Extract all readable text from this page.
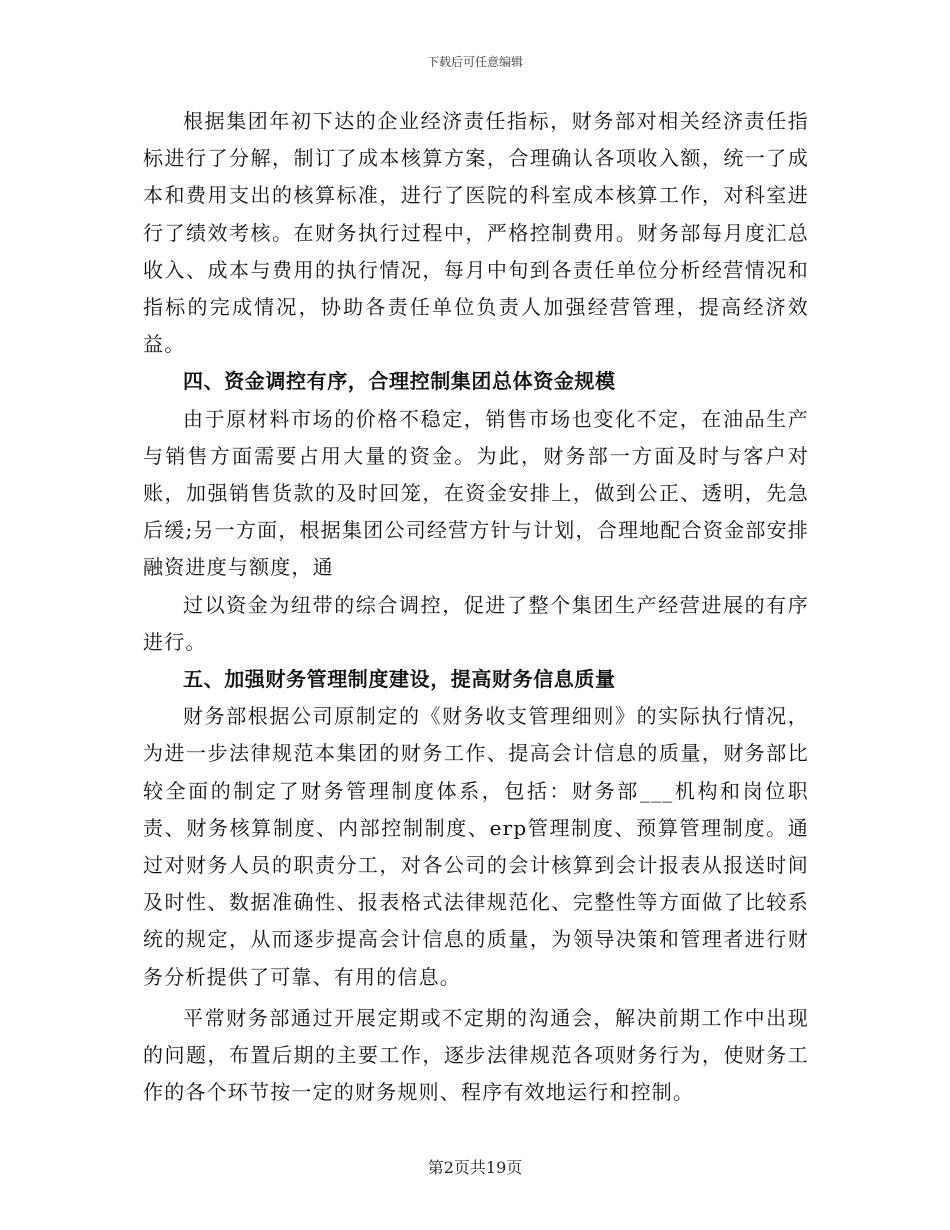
下载后可任意编辑

根据集团年初下达的企业经济责任指标，财务部对相关经济责任指标进行了分解，制订了成本核算方案，合理确认各项收入额，统一了成本和费用支出的核算标准，进行了医院的科室成本核算工作，对科室进行了绩效考核。在财务执行过程中，严格控制费用。财务部每月度汇总收入、成本与费用的执行情况，每月中旬到各责任单位分析经营情况和指标的完成情况，协助各责任单位负责人加强经营管理，提高经济效益。

四、资金调控有序，合理控制集团总体资金规模

由于原材料市场的价格不稳定，销售市场也变化不定，在油品生产与销售方面需要占用大量的资金。为此，财务部一方面及时与客户对账，加强销售货款的及时回笼，在资金安排上，做到公正、透明，先急后缓;另一方面，根据集团公司经营方针与计划，合理地配合资金部安排融资进度与额度，通

过以资金为纽带的综合调控，促进了整个集团生产经营进展的有序进行。

五、加强财务管理制度建设，提高财务信息质量

财务部根据公司原制定的《财务收支管理细则》的实际执行情况，为进一步法律规范本集团的财务工作、提高会计信息的质量，财务部比较全面的制定了财务管理制度体系，包括：财务部___机构和岗位职责、财务核算制度、内部控制制度、erp管理制度、预算管理制度。通过对财务人员的职责分工，对各公司的会计核算到会计报表从报送时间及时性、数据准确性、报表格式法律规范化、完整性等方面做了比较系统的规定，从而逐步提高会计信息的质量，为领导决策和管理者进行财务分析提供了可靠、有用的信息。

平常财务部通过开展定期或不定期的沟通会，解决前期工作中出现的问题，布置后期的主要工作，逐步法律规范各项财务行为，使财务工作的各个环节按一定的财务规则、程序有效地运行和控制。

第2页共19页
